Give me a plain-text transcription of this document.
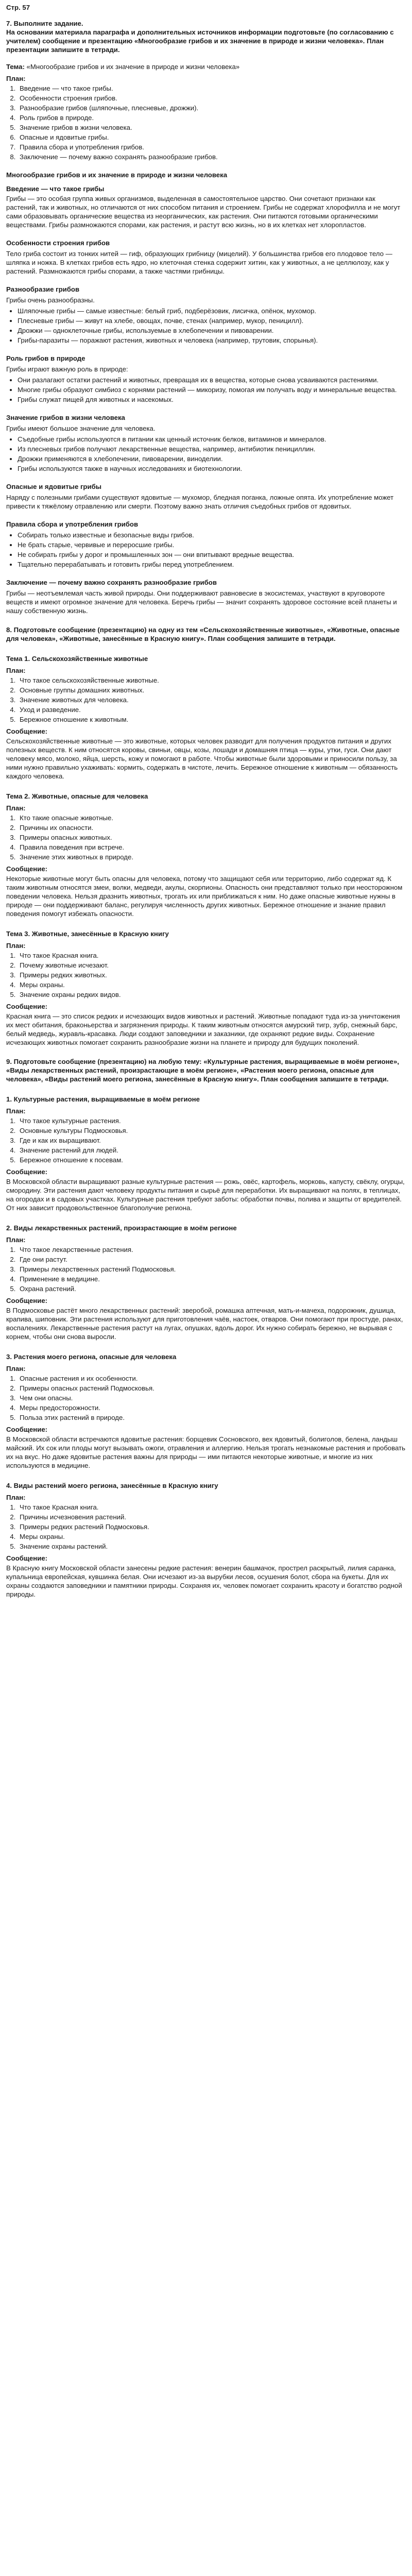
Стр. 57
7. Выполните задание.
На основании материала параграфа и дополнительных источников информации подготовьте (по согласованию с учителем) сообщение и презентацию «Многообразие грибов и их значение в природе и жизни человека». План презентации запишите в тетради.
Тема: «Многообразие грибов и их значение в природе и жизни человека»
План:
1. Введение — что такое грибы.
2. Особенности строения грибов.
3. Разнообразие грибов (шляпочные, плесневые, дрожжи).
4. Роль грибов в природе.
5. Значение грибов в жизни человека.
6. Опасные и ядовитые грибы.
7. Правила сбора и употребления грибов.
8. Заключение — почему важно сохранять разнообразие грибов.
Многообразие грибов и их значение в природе и жизни человека
Введение — что такое грибы

Грибы — это особая группа живых организмов, выделенная в самостоятельное царство. Они сочетают признаки как растений, так и животных, но отличаются от них способом питания и строением. Грибы не содержат хлорофилла и не могут сами образовывать органические вещества из неорганических, как растения. Они питаются готовыми органическими веществами. Грибы размножаются спорами, как растения, и растут всю жизнь, но в их клетках нет хлоропластов.

Особенности строения грибов

Тело гриба состоит из тонких нитей — гиф, образующих грибницу (мицелий). У большинства грибов его плодовое тело — шляпка и ножка. В клетках грибов есть ядро, но клеточная стенка содержит хитин, как у животных, а не целлюлозу, как у растений. Размножаются грибы спорами, а также частями грибницы.

Разнообразие грибов

Грибы очень разнообразны.

• Шляпочные грибы — самые известные: белый гриб, подберёзовик, лисичка, опёнок, мухомор.
• Плесневые грибы — живут на хлебе, овощах, почве, стенах (например, мукор, пеницилл).
• Дрожжи — одноклеточные грибы, используемые в хлебопечении и пивоварении.
• Грибы-паразиты — поражают растения, животных и человека (например, трутовик, спорынья).
Роль грибов в природе

Грибы играют важную роль в природе:

• Они разлагают остатки растений и животных, превращая их в вещества, которые снова усваиваются растениями.
• Многие грибы образуют симбиоз с корнями растений — микоризу, помогая им получать воду и минеральные вещества.
• Грибы служат пищей для животных и насекомых.
Значение грибов в жизни человека

Грибы имеют большое значение для человека.

• Съедобные грибы используются в питании как ценный источник белков, витаминов и минералов.
• Из плесневых грибов получают лекарственные вещества, например, антибиотик пенициллин.
• Дрожжи применяются в хлебопечении, пивоварении, виноделии.
• Грибы используются также в научных исследованиях и биотехнологии.
Опасные и ядовитые грибы

Наряду с полезными грибами существуют ядовитые — мухомор, бледная поганка, ложные опята. Их употребление может привести к тяжёлому отравлению или смерти. Поэтому важно знать отличия съедобных грибов от ядовитых.

Правила сбора и употребления грибов
• Собирать только известные и безопасные виды грибов.
• Не брать старые, червивые и переросшие грибы.
• Не собирать грибы у дорог и промышленных зон — они впитывают вредные вещества.
• Тщательно перерабатывать и готовить грибы перед употреблением.
Заключение — почему важно сохранять разнообразие грибов

Грибы — неотъемлемая часть живой природы. Они поддерживают равновесие в экосистемах, участвуют в круговороте веществ и имеют огромное значение для человека. Беречь грибы — значит сохранять здоровое состояние всей планеты и нашу собственную жизнь.

8. Подготовьте сообщение (презентацию) на одну из тем «Сельскохозяйственные животные», «Животные, опасные для человека», «Животные, занесённые в Красную книгу». План сообщения запишите в тетради.
Тема 1. Сельскохозяйственные животные
План:
1. Что такое сельскохозяйственные животные.
2. Основные группы домашних животных.
3. Значение животных для человека.
4. Уход и разведение.
5. Бережное отношение к животным.
Сообщение:

Сельскохозяйственные животные — это животные, которых человек разводит для получения продуктов питания и других полезных веществ. К ним относятся коровы, свиньи, овцы, козы, лошади и домашняя птица — куры, утки, гуси. Они дают человеку мясо, молоко, яйца, шерсть, кожу и помогают в работе. Чтобы животные были здоровыми и приносили пользу, за ними нужно правильно ухаживать: кормить, содержать в чистоте, лечить. Бережное отношение к животным — обязанность каждого человека.

Тема 2. Животные, опасные для человека
План:
1. Кто такие опасные животные.
2. Причины их опасности.
3. Примеры опасных животных.
4. Правила поведения при встрече.
5. Значение этих животных в природе.
Сообщение:

Некоторые животные могут быть опасны для человека, потому что защищают себя или территорию, либо содержат яд. К таким животным относятся змеи, волки, медведи, акулы, скорпионы. Опасность они представляют только при неосторожном поведении человека. Нельзя дразнить животных, трогать их или приближаться к ним. Но даже опасные животные нужны в природе — они поддерживают баланс, регулируя численность других животных. Бережное отношение и знание правил поведения помогут избежать опасности.

Тема 3. Животные, занесённые в Красную книгу
План:
1. Что такое Красная книга.
2. Почему животные исчезают.
3. Примеры редких животных.
4. Меры охраны.
5. Значение охраны редких видов.
Сообщение:

Красная книга — это список редких и исчезающих видов животных и растений. Животные попадают туда из-за уничтожения их мест обитания, браконьерства и загрязнения природы. К таким животным относятся амурский тигр, зубр, снежный барс, белый медведь, журавль-красавка. Люди создают заповедники и заказники, где охраняют редкие виды. Сохранение исчезающих животных помогает сохранить разнообразие жизни на планете и природу для будущих поколений.

9. Подготовьте сообщение (презентацию) на любую тему: «Культурные растения, выращиваемые в моём регионе», «Виды лекарственных растений, произрастающие в моём регионе», «Растения моего региона, опасные для человека», «Виды растений моего региона, занесённые в Красную книгу». План сообщения запишите в тетради.
1. Культурные растения, выращиваемые в моём регионе
План:
1. Что такое культурные растения.
2. Основные культуры Подмосковья.
3. Где и как их выращивают.
4. Значение растений для людей.
5. Бережное отношение к посевам.
Сообщение:

В Московской области выращивают разные культурные растения — рожь, овёс, картофель, морковь, капусту, свёклу, огурцы, смородину. Эти растения дают человеку продукты питания и сырьё для переработки. Их выращивают на полях, в теплицах, на огородах и в садовых участках. Культурные растения требуют заботы: обработки почвы, полива и защиты от вредителей. От них зависит продовольственное благополучие региона.

2. Виды лекарственных растений, произрастающие в моём регионе
План:
1. Что такое лекарственные растения.
2. Где они растут.
3. Примеры лекарственных растений Подмосковья.
4. Применение в медицине.
5. Охрана растений.
Сообщение:

В Подмосковье растёт много лекарственных растений: зверобой, ромашка аптечная, мать-и-мачеха, подорожник, душица, крапива, шиповник. Эти растения используют для приготовления чаёв, настоек, отваров. Они помогают при простуде, ранах, воспалениях. Лекарственные растения растут на лугах, опушках, вдоль дорог. Их нужно собирать бережно, не вырывая с корнем, чтобы они снова выросли.

3. Растения моего региона, опасные для человека
План:
1. Опасные растения и их особенности.
2. Примеры опасных растений Подмосковья.
3. Чем они опасны.
4. Меры предосторожности.
5. Польза этих растений в природе.
Сообщение:

В Московской области встречаются ядовитые растения: борщевик Сосновского, вех ядовитый, болиголов, белена, ландыш майский. Их сок или плоды могут вызывать ожоги, отравления и аллергию. Нельзя трогать незнакомые растения и пробовать их на вкус. Но даже ядовитые растения важны для природы — ими питаются некоторые животные, и многие из них используются в медицине.

4. Виды растений моего региона, занесённые в Красную книгу
План:
1. Что такое Красная книга.
2. Причины исчезновения растений.
3. Примеры редких растений Подмосковья.
4. Меры охраны.
5. Значение охраны растений.
Сообщение:

В Красную книгу Московской области занесены редкие растения: венерин башмачок, прострел раскрытый, лилия саранка, купальница европейская, кувшинка белая. Они исчезают из-за вырубки лесов, осушения болот, сбора на букеты. Для их охраны создаются заповедники и памятники природы. Сохраняя их, человек помогает сохранить красоту и богатство родной природы.
